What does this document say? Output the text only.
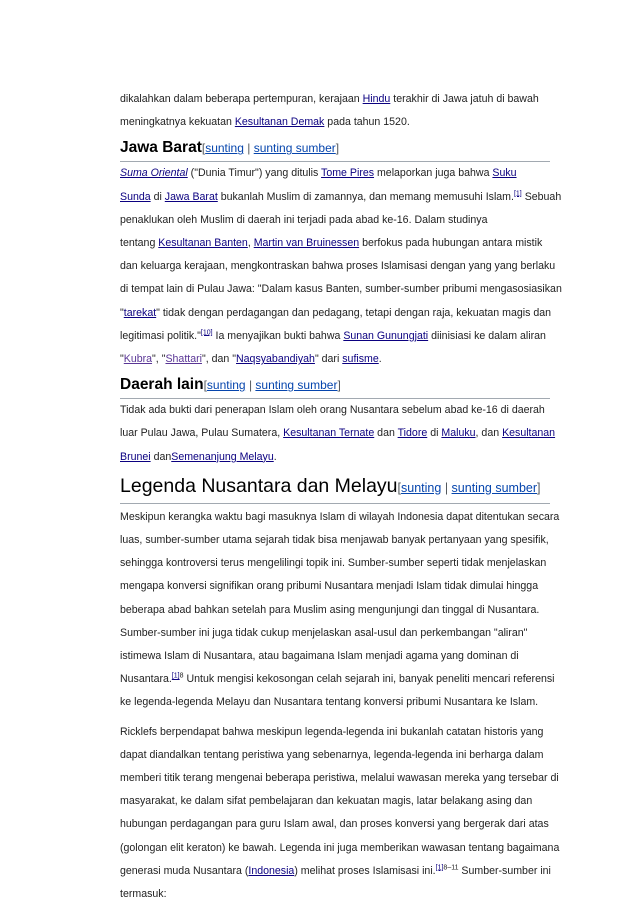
dikalahkan dalam beberapa pertempuran, kerajaan Hindu terakhir di Jawa jatuh di bawah
meningkatnya kekuatan Kesultanan Demak pada tahun 1520.
Jawa Barat[sunting | sunting sumber]
Suma Oriental ("Dunia Timur") yang ditulis Tome Pires melaporkan juga bahwa Suku
Sunda di Jawa Barat bukanlah Muslim di zamannya, dan memang memusuhi Islam.[1] Sebuah
penaklukan oleh Muslim di daerah ini terjadi pada abad ke-16. Dalam studinya
tentang Kesultanan Banten, Martin van Bruinessen berfokus pada hubungan antara mistik
dan keluarga kerajaan, mengkontraskan bahwa proses Islamisasi dengan yang yang berlaku
di tempat lain di Pulau Jawa: "Dalam kasus Banten, sumber-sumber pribumi mengasosiasikan
"tarekat" tidak dengan perdagangan dan pedagang, tetapi dengan raja, kekuatan magis dan
legitimasi politik."[10] Ia menyajikan bukti bahwa Sunan Gunungjati diinisiasi ke dalam aliran
"Kubra", "Shattari", dan "Naqsyabandiyah" dari sufisme.
Daerah lain[sunting | sunting sumber]
Tidak ada bukti dari penerapan Islam oleh orang Nusantara sebelum abad ke-16 di daerah
luar Pulau Jawa, Pulau Sumatera, Kesultanan Ternate dan Tidore di Maluku, dan Kesultanan
Brunei danSemenanjung Melayu.
Legenda Nusantara dan Melayu[sunting | sunting sumber]
Meskipun kerangka waktu bagi masuknya Islam di wilayah Indonesia dapat ditentukan secara
luas, sumber-sumber utama sejarah tidak bisa menjawab banyak pertanyaan yang spesifik,
sehingga kontroversi terus mengelilingi topik ini. Sumber-sumber seperti tidak menjelaskan
mengapa konversi signifikan orang pribumi Nusantara menjadi Islam tidak dimulai hingga
beberapa abad bahkan setelah para Muslim asing mengunjungi dan tinggal di Nusantara.
Sumber-sumber ini juga tidak cukup menjelaskan asal-usul dan perkembangan "aliran"
istimewa Islam di Nusantara, atau bagaimana Islam menjadi agama yang dominan di
Nusantara.$^{[1]8}$ Untuk mengisi kekosongan celah sejarah ini, banyak peneliti mencari referensi
ke legenda-legenda Melayu dan Nusantara tentang konversi pribumi Nusantara ke Islam.
Ricklefs berpendapat bahwa meskipun legenda-legenda ini bukanlah catatan historis yang
dapat diandalkan tentang peristiwa yang sebenarnya, legenda-legenda ini berharga dalam
memberi titik terang mengenai beberapa peristiwa, melalui wawasan mereka yang tersebar di
masyarakat, ke dalam sifat pembelajaran dan kekuatan magis, latar belakang asing dan
hubungan perdagangan para guru Islam awal, dan proses konversi yang bergerak dari atas
(golongan elit keraton) ke bawah. Legenda ini juga memberikan wawasan tentang bagaimana
generasi muda Nusantara (Indonesia) melihat proses Islamisasi ini.$^{[1]8-11}$ Sumber-sumber ini
termasuk:
